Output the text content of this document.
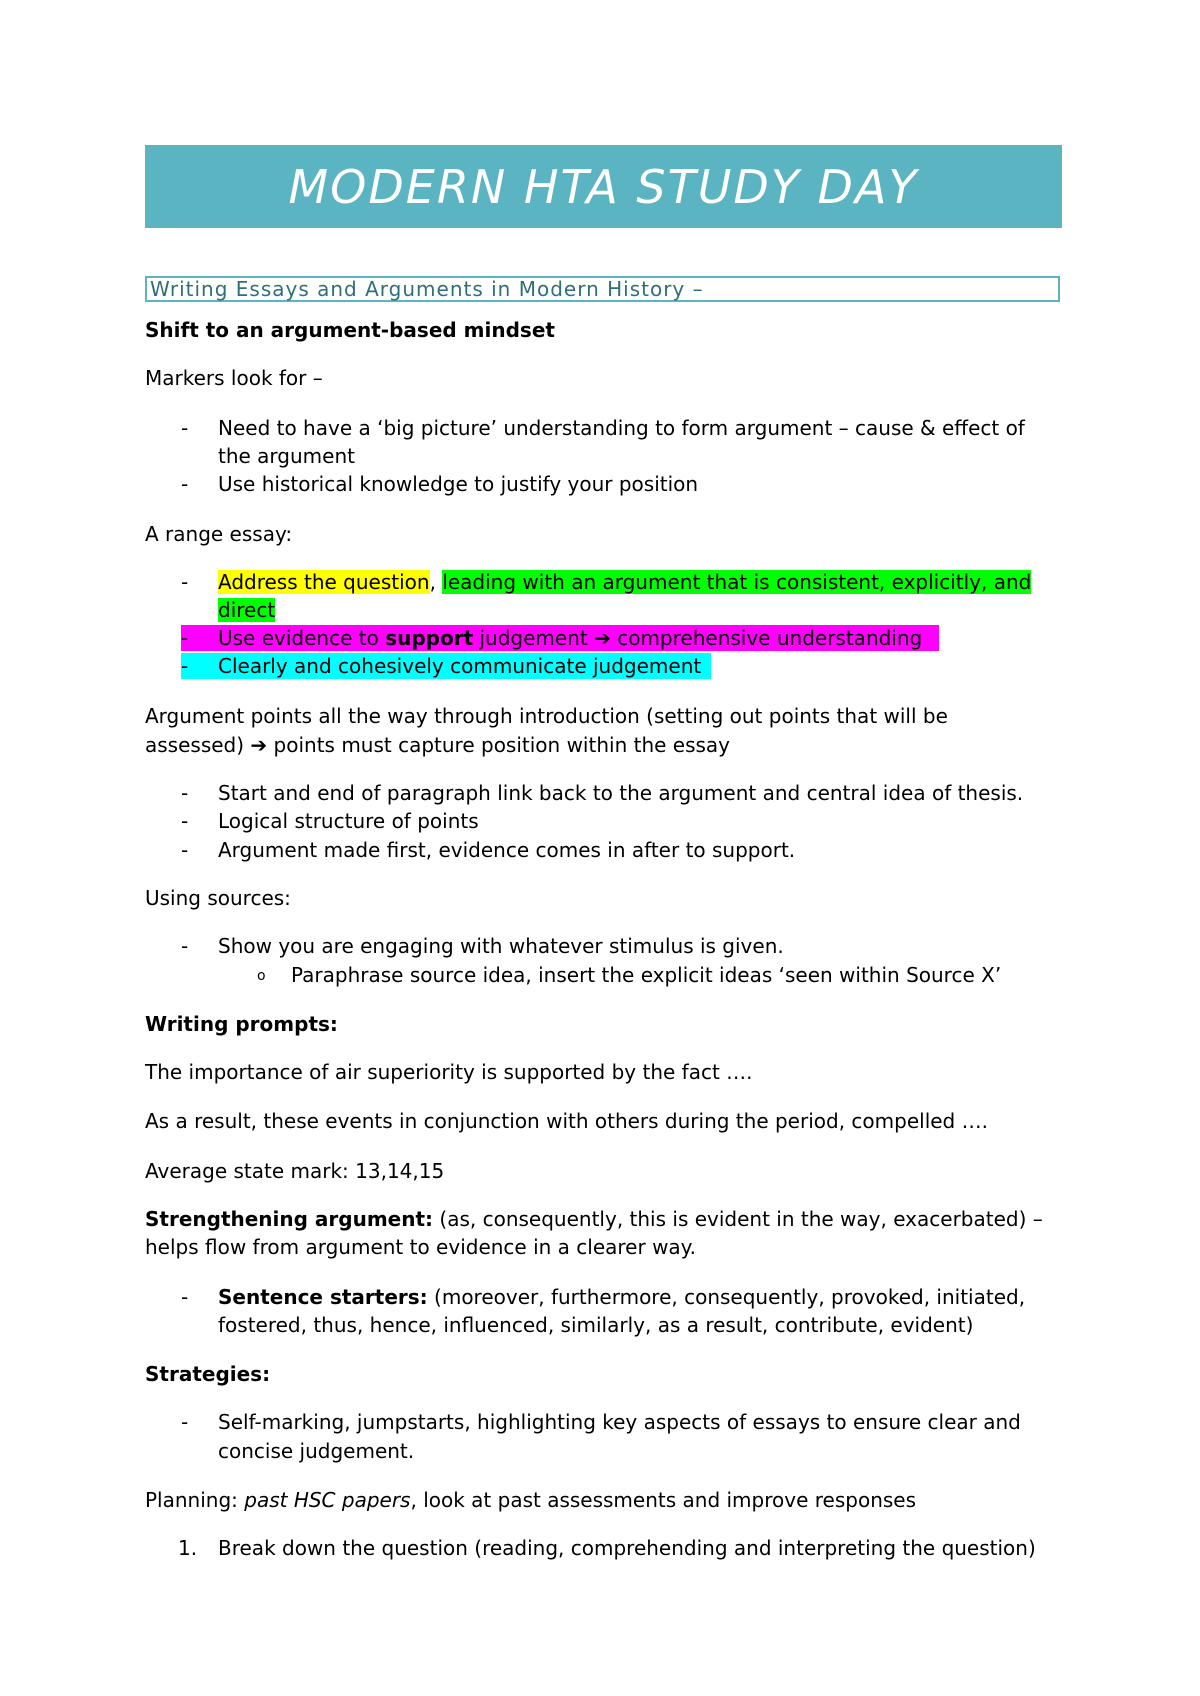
MODERN HTA STUDY DAY
Writing Essays and Arguments in Modern History –
Shift to an argument-based mindset
Markers look for –
- Need to have a ‘big picture’ understanding to form argument – cause & effect of
the argument
- Use historical knowledge to justify your position
A range essay:
- Address the question, leading with an argument that is consistent, explicitly, and
direct
- Use evidence to support judgement ➔ comprehensive understanding
- Clearly and cohesively communicate judgement
Argument points all the way through introduction (setting out points that will be
assessed) ➔ points must capture position within the essay
- Start and end of paragraph link back to the argument and central idea of thesis.
- Logical structure of points
- Argument made first, evidence comes in after to support.
Using sources:
- Show you are engaging with whatever stimulus is given.
o Paraphrase source idea, insert the explicit ideas ‘seen within Source X’
Writing prompts:
The importance of air superiority is supported by the fact ….
As a result, these events in conjunction with others during the period, compelled ….
Average state mark: 13,14,15
Strengthening argument: (as, consequently, this is evident in the way, exacerbated) –
helps flow from argument to evidence in a clearer way.
- Sentence starters: (moreover, furthermore, consequently, provoked, initiated,
fostered, thus, hence, influenced, similarly, as a result, contribute, evident)
Strategies:
- Self-marking, jumpstarts, highlighting key aspects of essays to ensure clear and
concise judgement.
Planning: past HSC papers, look at past assessments and improve responses
1. Break down the question (reading, comprehending and interpreting the question)
